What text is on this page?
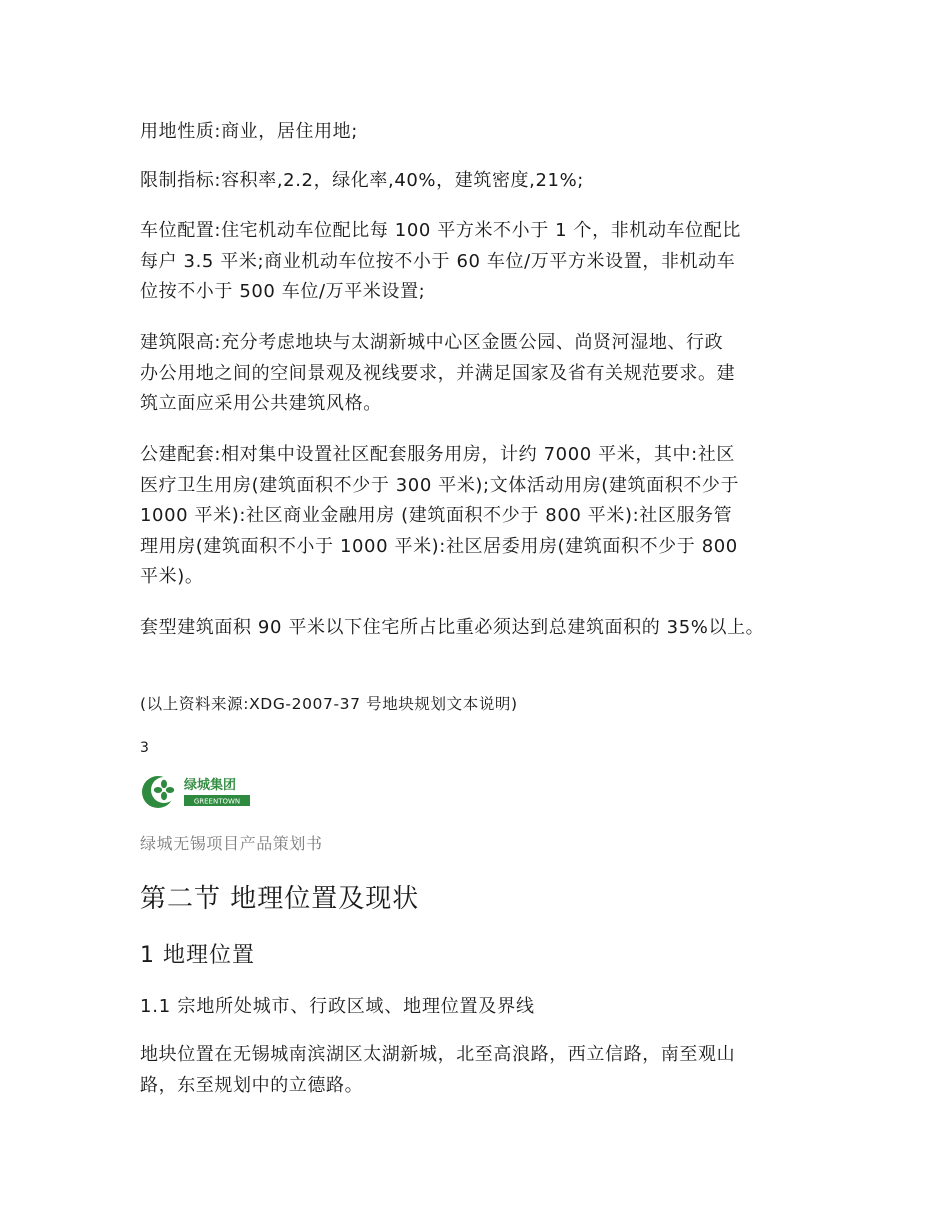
用地性质:商业，居住用地;

限制指标:容积率,2.2，绿化率,40%，建筑密度,21%;

车位配置:住宅机动车位配比每 100 平方米不小于 1 个，非机动车位配比
每户 3.5 平米;商业机动车位按不小于 60 车位/万平方米设置，非机动车
位按不小于 500 车位/万平米设置;

建筑限高:充分考虑地块与太湖新城中心区金匮公园、尚贤河湿地、行政
办公用地之间的空间景观及视线要求，并满足国家及省有关规范要求。建
筑立面应采用公共建筑风格。

公建配套:相对集中设置社区配套服务用房，计约 7000 平米，其中:社区
医疗卫生用房(建筑面积不少于 300 平米);文体活动用房(建筑面积不少于
1000 平米):社区商业金融用房 (建筑面积不少于 800 平米):社区服务管
理用房(建筑面积不小于 1000 平米):社区居委用房(建筑面积不少于 800
平米)。

套型建筑面积 90 平米以下住宅所占比重必须达到总建筑面积的 35%以上。

(以上资料来源:XDG-2007-37 号地块规划文本说明)

3

绿城集团
GREENTOWN

绿城无锡项目产品策划书

第二节 地理位置及现状
1 地理位置
1.1 宗地所处城市、行政区域、地理位置及界线

地块位置在无锡城南滨湖区太湖新城，北至高浪路，西立信路，南至观山
路，东至规划中的立德路。
